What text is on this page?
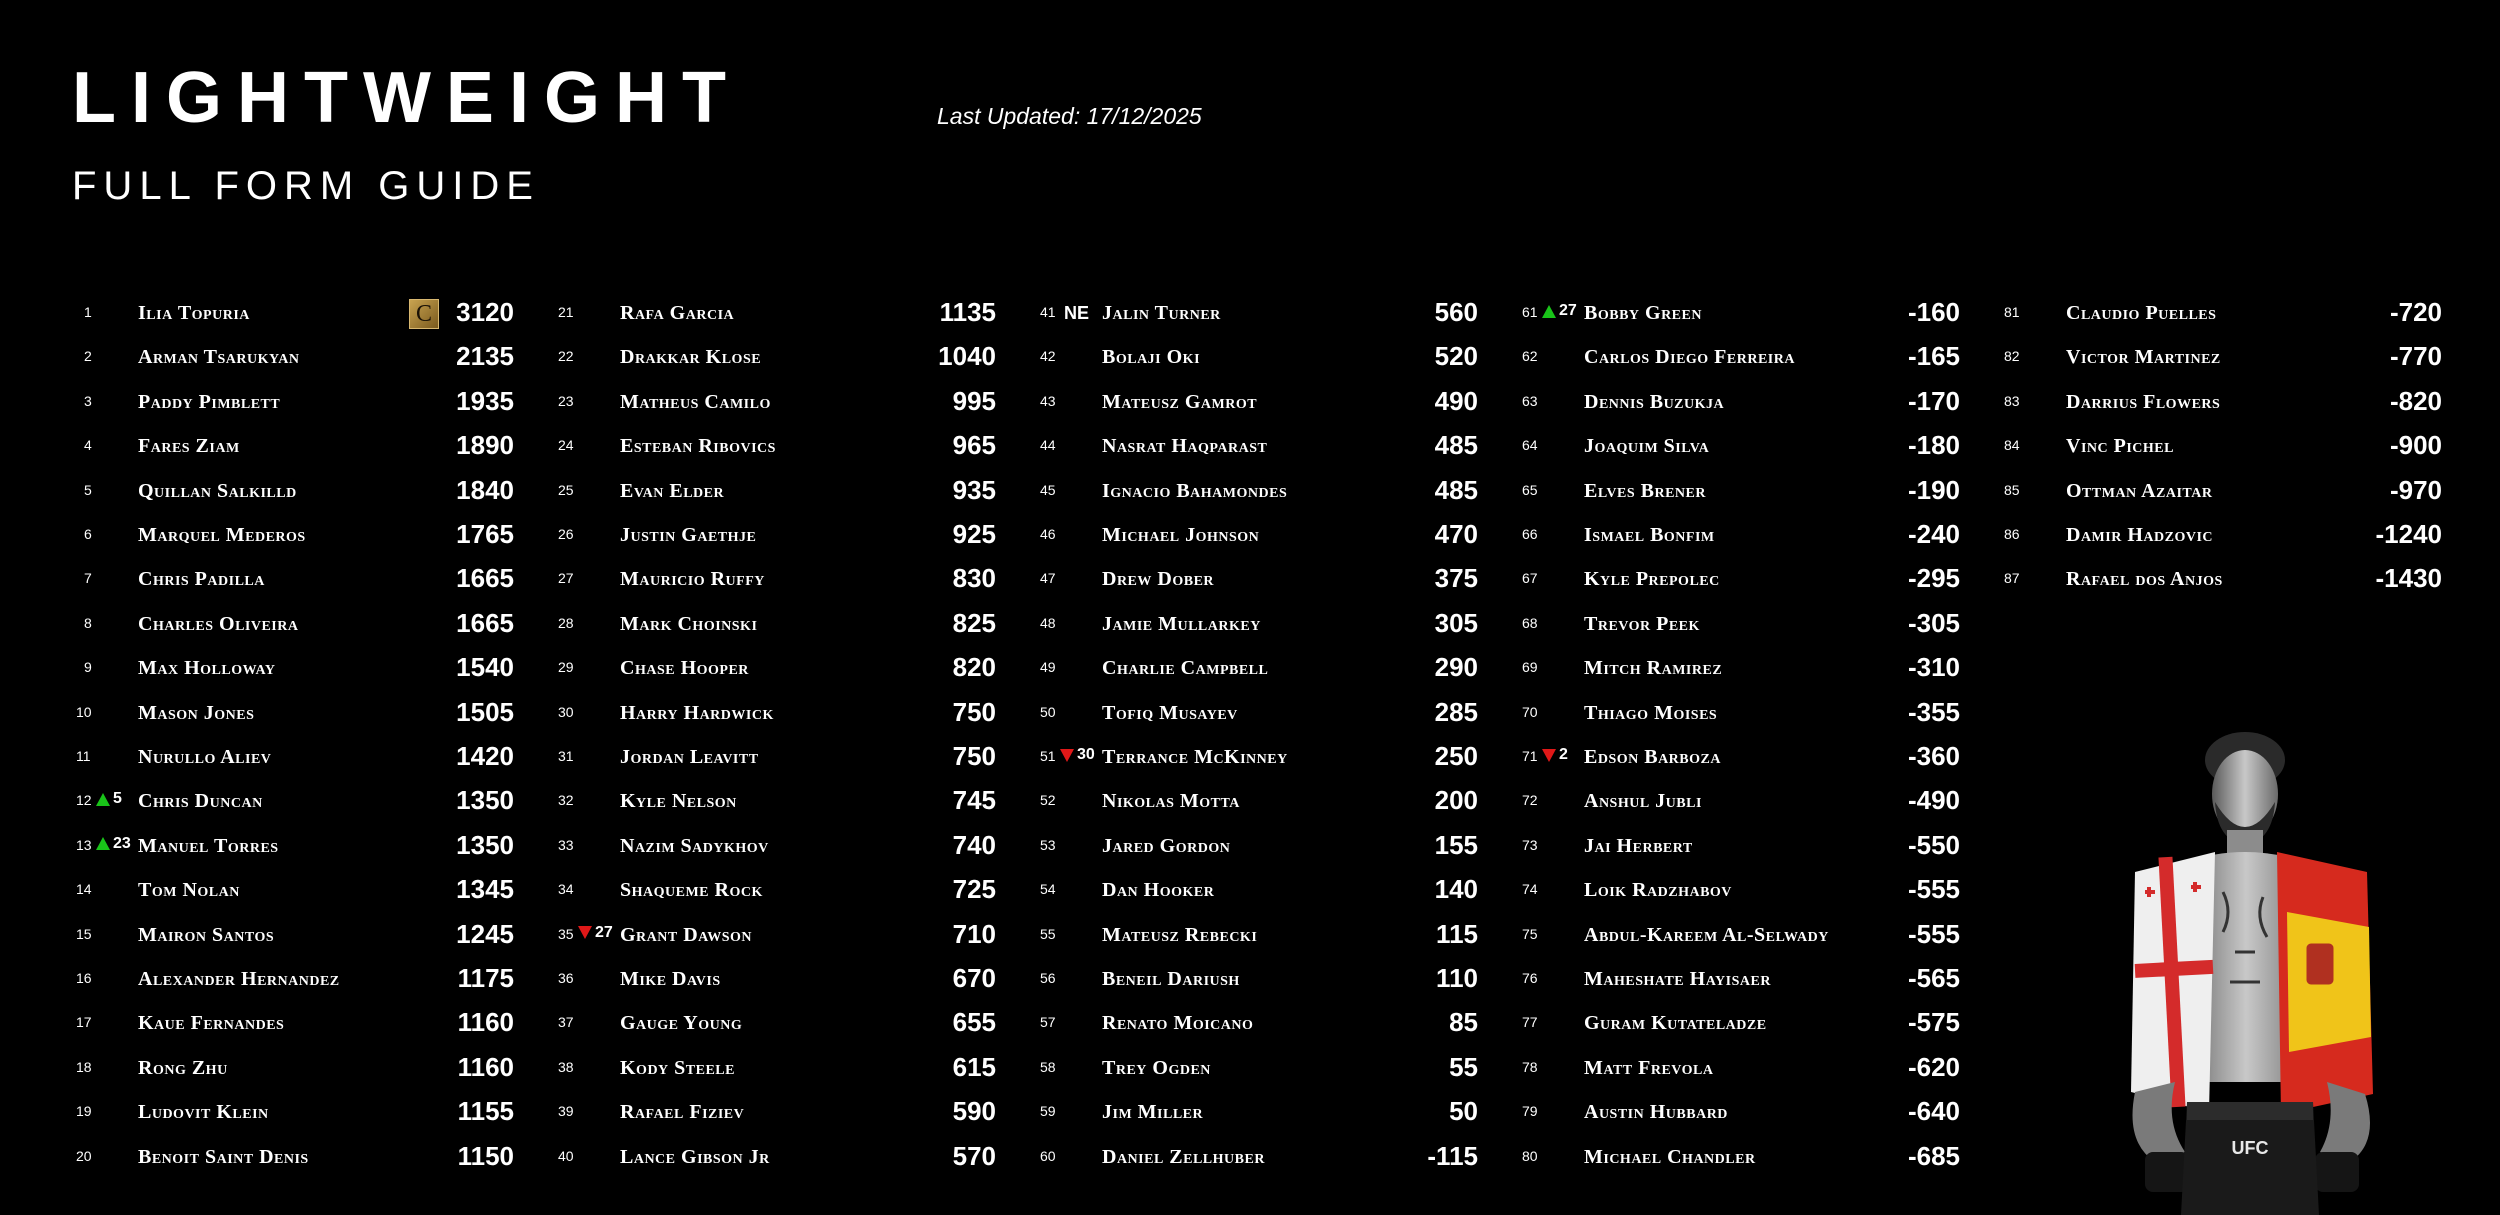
LIGHTWEIGHT
FULL FORM GUIDE
Last Updated: 17/12/2025
1 Ilia Topuria	C 3120
2 Arman Tsarukyan	2135
3 Paddy Pimblett	1935
4 Fares Ziam	1890
5 Quillan Salkilld	1840
6 Marquel Mederos	1765
7 Chris Padilla	1665
8 Charles Oliveira	1665
9 Max Holloway	1540
10 Mason Jones	1505
11 Nurullo Aliev	1420
12	5 Chris Duncan	1350
13	23 Manuel Torres	1350
14 Tom Nolan	1345
15 Mairon Santos	1245
16 Alexander Hernandez	1175
17 Kaue Fernandes	1160
18 Rong Zhu	1160
19 Ludovit Klein	1155
20 Benoit Saint Denis	1150
21 Rafa Garcia	1135
22 Drakkar Klose	1040
23 Matheus Camilo	995
24 Esteban Ribovics	965
25 Evan Elder	935
26 Justin Gaethje	925
27 Mauricio Ruffy	830
28 Mark Choinski	825
29 Chase Hooper	820
30 Harry Hardwick	750
31 Jordan Leavitt	750
32 Kyle Nelson	745
33 Nazim Sadykhov	740
34 Shaqueme Rock	725
35	27 Grant Dawson	710
36 Mike Davis	670
37 Gauge Young	655
38 Kody Steele	615
39 Rafael Fiziev	590
40 Lance Gibson Jr	570
41 NE Jalin Turner	560
42 Bolaji Oki	520
43 Mateusz Gamrot	490
44 Nasrat Haqparast	485
45 Ignacio Bahamondes	485
46 Michael Johnson	470
47 Drew Dober	375
48 Jamie Mullarkey	305
49 Charlie Campbell	290
50 Tofiq Musayev	285
51	30 Terrance McKinney	250
52 Nikolas Motta	200
53 Jared Gordon	155
54 Dan Hooker	140
55 Mateusz Rebecki	115
56 Beneil Dariush	110
57 Renato Moicano	85
58 Trey Ogden	55
59 Jim Miller	50
60 Daniel Zellhuber	-115
61	27 Bobby Green	-160
62 Carlos Diego Ferreira	-165
63 Dennis Buzukja	-170
64 Joaquim Silva	-180
65 Elves Brener	-190
66 Ismael Bonfim	-240
67 Kyle Prepolec	-295
68 Trevor Peek	-305
69 Mitch Ramirez	-310
70 Thiago Moises	-355
71	2 Edson Barboza	-360
72 Anshul Jubli	-490
73 Jai Herbert	-550
74 Loik Radzhabov	-555
75 Abdul-Kareem Al-Selwady	-555
76 Maheshate Hayisaer	-565
77 Guram Kutateladze	-575
78 Matt Frevola	-620
79 Austin Hubbard	-640
80 Michael Chandler	-685
81 Claudio Puelles	-720
82 Victor Martinez	-770
83 Darrius Flowers	-820
84 Vinc Pichel	-900
85 Ottman Azaitar	-970
86 Damir Hadzovic	-1240
87 Rafael dos Anjos	-1430
UFC
